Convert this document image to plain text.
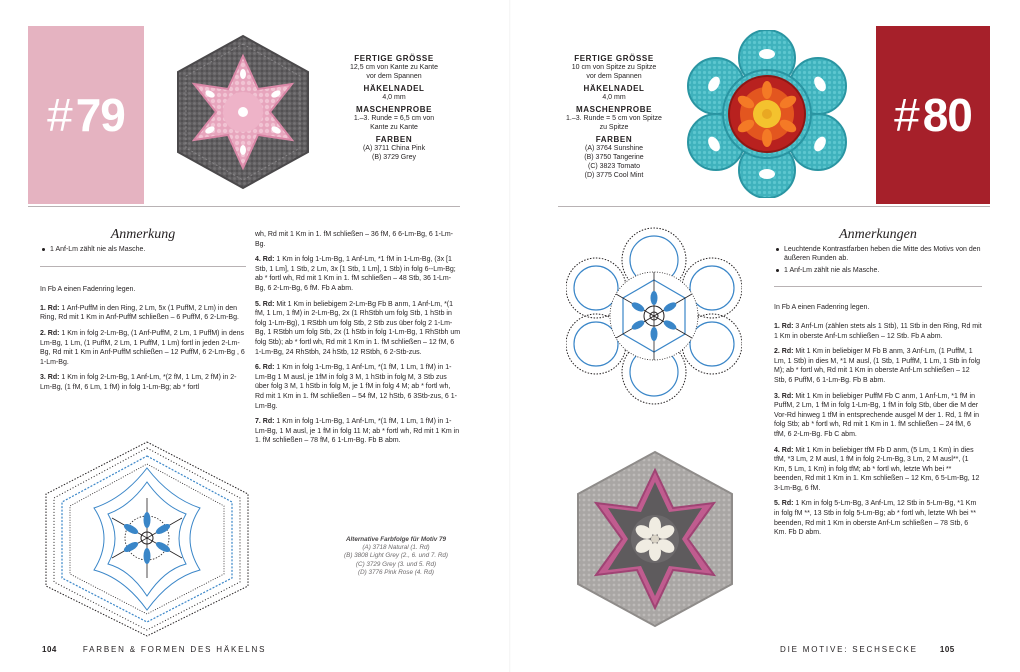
#79
FERTIGE GRÖSSE
12,5 cm von Kante zu Kante
vor dem Spannen
HÄKELNADEL
4,0 mm
MASCHENPROBE
1.–3. Runde = 6,5 cm von
Kante zu Kante
FARBEN
(A) 3711 China Pink
(B) 3729 Grey
Anmerkung
1 Anf-Lm zählt nie als Masche.

In Fb A einen Fadenring legen.

1. Rd: 1 Anf-PuffM in den Ring, 2 Lm, 5x (1 PuffM, 2 Lm) in den Ring, Rd mit 1 Km in Anf-PuffM schließen – 6 PuffM, 6 2-Lm-Bg.

2. Rd: 1 Km in folg 2-Lm-Bg, (1 Anf-PuffM, 2 Lm, 1 PuffM) in dens Lm-Bg, 1 Lm, (1 PuffM, 2 Lm, 1 PuffM, 1 Lm) fortl in jeden 2-Lm-Bg, Rd mit 1 Km in Anf-PuffM schließen – 12 PuffM, 6 2-Lm-Bg , 6 1-Lm-Bg.

3. Rd: 1 Km in folg 2-Lm-Bg, 1 Anf-Lm, *(2 fM, 1 Lm, 2 fM) in 2-Lm-Bg, (1 fM, 6 Lm, 1 fM) in folg 1-Lm-Bg; ab * fortl

wh, Rd mit 1 Km in 1. fM schließen – 36 fM, 6 6-Lm-Bg, 6 1-Lm-Bg.

4. Rd: 1 Km in folg 1-Lm-Bg, 1 Anf-Lm, *1 fM in 1-Lm-Bg, (3x [1 Stb, 1 Lm], 1 Stb, 2 Lm, 3x [1 Stb, 1 Lm], 1 Stb) in folg 6--Lm-Bg; ab * fortl wh, Rd mit 1 Km in 1. fM schließen – 48 Stb, 36 1-Lm-Bg, 6 2-Lm-Bg, 6 fM. Fb A abm.

5. Rd: Mit 1 Km in beliebigem 2-Lm-Bg Fb B anm, 1 Anf-Lm, *(1 fM, 1 Lm, 1 fM) in 2-Lm-Bg, 2x (1 RhStbh um folg Stb, 1 hStb in folg 1-Lm-Bg), 1 RStbh um folg Stb, 2 Stb zus über folg 2 1-Lm-Bg, 1 RStbh um folg Stb, 2x (1 hStb in folg 1-Lm-Bg, 1 RhStbh um folg Stb); ab * fortl wh, Rd mit 1 Km in 1. fM schließen – 12 fM, 6 1-Lm-Bg, 24 RhStbh, 24 hStb, 12 RStbh, 6 2-Stb-zus.

6. Rd: 1 Km in folg 1-Lm-Bg, 1 Anf-Lm, *(1 fM, 1 Lm, 1 fM) in 1-Lm-Bg 1 M ausl, je 1fM in folg 3 M, 1 hStb in folg M, 3 Stb zus über folg 3 M, 1 hStb in folg M, je 1 fM in folg 4 M; ab * fortl wh, Rd mit 1 Km in 1. fM schließen – 54 fM, 12 hStb, 6 3Stb-zus, 6 1-Lm-Bg.

7. Rd: 1 Km in folg 1-Lm-Bg, 1 Anf-Lm, *(1 fM, 1 Lm, 1 fM) in 1-Lm-Bg, 1 M ausl, je 1 fM in folg 11 M; ab * fortl wh, Rd mit 1 Km in 1. fM schließen – 78 fM, 6 1-Lm-Bg. Fb B abm.

Alternative Farbfolge für Motiv 79
(A) 3718 Natural (1. Rd)
(B) 3808 Light Grey (2., 6. und 7. Rd)
(C) 3729 Grey (3. und 5. Rd)
(D) 3776 Pink Rose (4. Rd)
104	FARBEN & FORMEN DES HÄKELNS
FERTIGE GRÖSSE
10 cm von Spitze zu Spitze
vor dem Spannen
HÄKELNADEL
4,0 mm
MASCHENPROBE
1.–3. Runde = 5 cm von Spitze
zu Spitze
FARBEN
(A) 3764 Sunshine
(B) 3750 Tangerine
(C) 3823 Tomato
(D) 3775 Cool Mint
#80
Anmerkungen
Leuchtende Kontrastfarben heben die Mitte des Motivs von den äußeren Runden ab.
1 Anf-Lm zählt nie als Masche.

In Fb A einen Fadenring legen.

1. Rd: 3 Anf-Lm (zählen stets als 1 Stb), 11 Stb in den Ring, Rd mit 1 Km in oberste Anf-Lm schließen – 12 Stb. Fb A abm.

2. Rd: Mit 1 Km in beliebiger M Fb B anm, 3 Anf-Lm, (1 PuffM, 1 Lm, 1 Stb) in dies M, *1 M ausl, (1 Stb, 1 PuffM, 1 Lm, 1 Stb in folg M); ab * fortl wh, Rd mit 1 Km in oberste Anf-Lm schließen – 12 Stb, 6 PuffM, 6 1-Lm-Bg. Fb B abm.

3. Rd: Mit 1 Km in beliebiger PuffM Fb C anm, 1 Anf-Lm, *1 fM in PuffM, 2 Lm, 1 fM in folg 1-Lm-Bg, 1 fM in folg Stb, über die M der Vor-Rd hinweg 1 tfM in entsprechende ausgel M der 1. Rd, 1 fM in folg Stb; ab * fortl wh, Rd mit 1 Km in 1. fM schließen – 24 fM, 6 tfM, 6 2-Lm-Bg. Fb C abm.

4. Rd: Mit 1 Km in beliebiger tfM Fb D anm, (5 Lm, 1 Km) in dies tfM, *3 Lm, 2 M ausl, 1 fM in folg 2-Lm-Bg, 3 Lm, 2 M ausl**, (1 Km, 5 Lm, 1 Km) in folg tfM; ab * fortl wh, letzte Wh bei ** beenden, Rd mit 1 Km in 1. Km schließen – 12 Km, 6 5-Lm-Bg, 12 3-Lm-Bg, 6 fM.

5. Rd: 1 Km in folg 5-Lm-Bg, 3 Anf-Lm, 12 Stb in 5-Lm-Bg, *1 Km in folg fM **, 13 Stb in folg 5-Lm-Bg; ab * fortl wh, letzte Wh bei ** beenden, Rd mit 1 Km in oberste Anf-Lm schließen – 78 Stb, 6 Km. Fb D abm.

DIE MOTIVE: SECHSECKE	105
